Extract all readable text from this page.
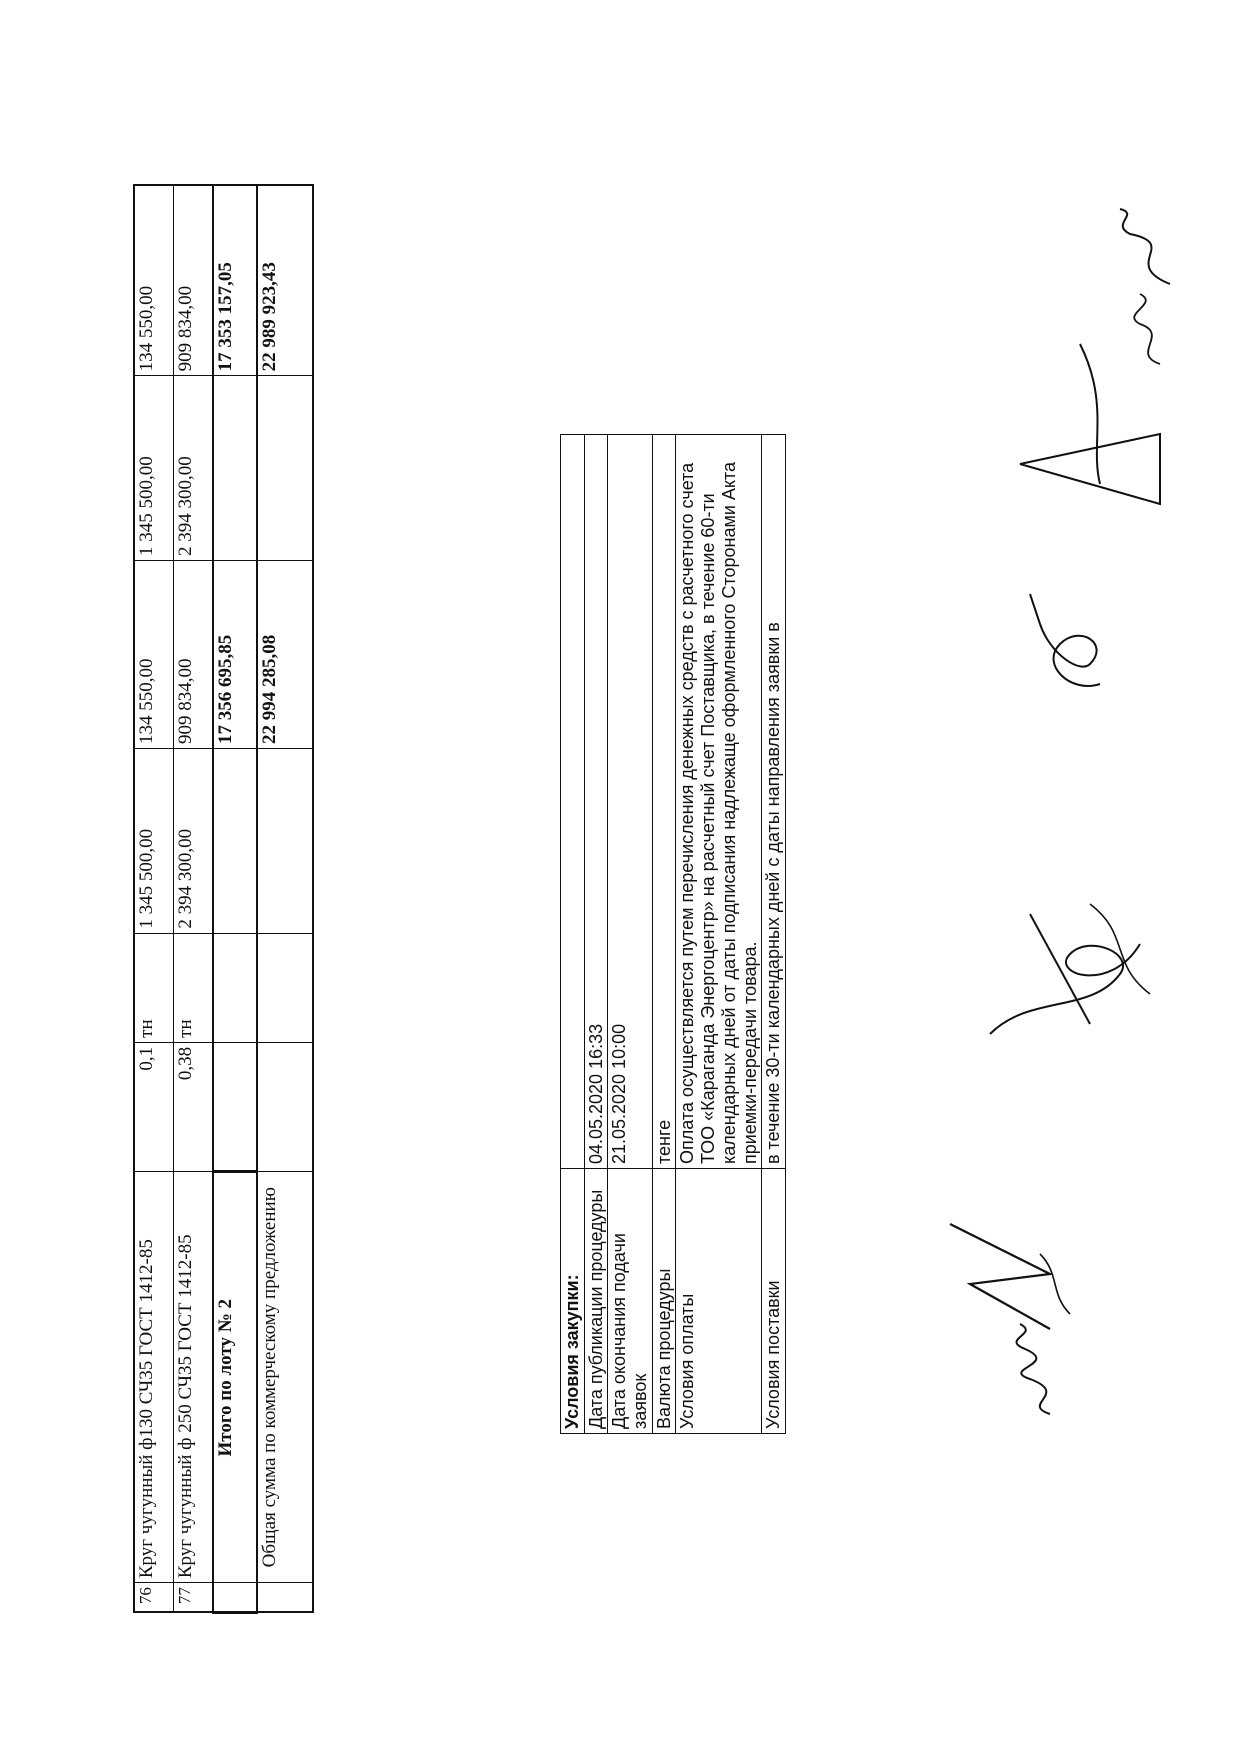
76	Круг чугунный ф130 СЧ35 ГОСТ 1412-85	0,1	тн	1 345 500,00	134 550,00	1 345 500,00	134 550,00
77	Круг чугунный ф 250 СЧ35 ГОСТ 1412-85	0,38	тн	2 394 300,00	909 834,00	2 394 300,00	909 834,00
	Итого по лоту № 2				17 356 695,85		17 353 157,05
	Общая сумма по коммерческому предложению				22 994 285,08		22 989 923,43
Условия закупки:	
Дата публикации процедуры	04.05.2020 16:33
Дата окончания подачи заявок	21.05.2020 10:00
Валюта процедуры	тенге
Условия оплаты	Оплата осуществляется путем перечисления денежных средств с расчетного счета ТОО «Караганда Энергоцентр» на расчетный счет Поставщика, в течение 60-ти календарных дней от даты подписания надлежаще оформленного Сторонами Акта приемки-передачи товара.
Условия поставки	в течение 30-ти календарных дней с даты направления заявки в
